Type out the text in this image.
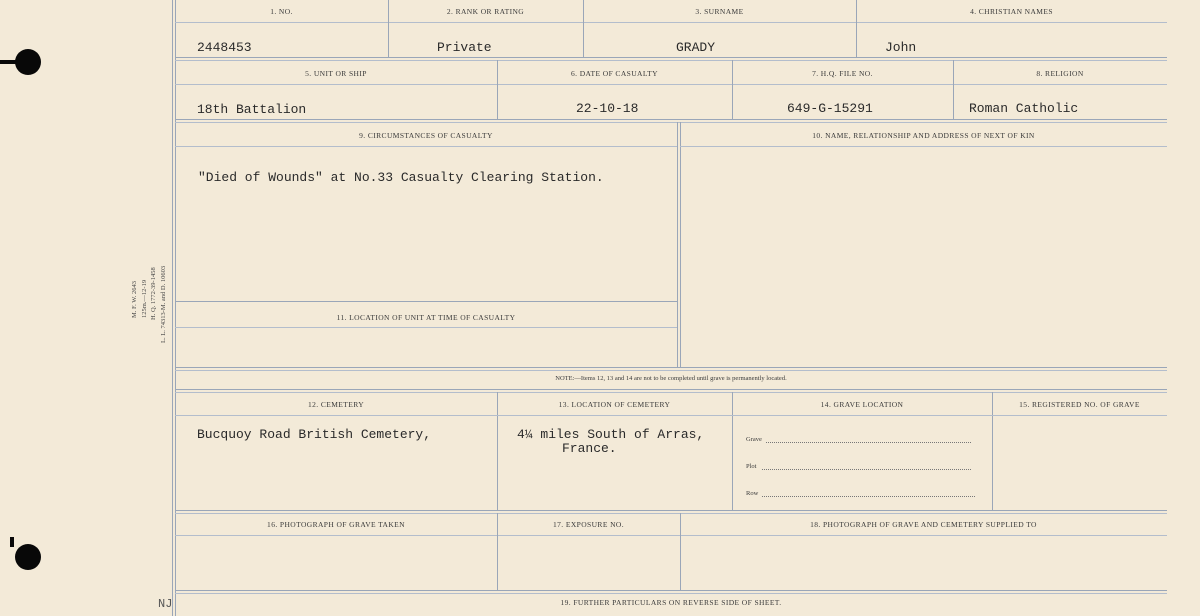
M. F. W. 2643 125m.—12-19 H. Q. 1772-39-1458 L. L. 74313-M. and D. 10603
NJ
1. NO.	2. RANK OR RATING	3. SURNAME	4. CHRISTIAN NAMES
2448453	Private	GRADY	John
5. UNIT OR SHIP	6. DATE OF CASUALTY	7. H.Q. FILE NO.	8. RELIGION
18th Battalion	22-10-18	649-G-15291	Roman Catholic
9. CIRCUMSTANCES OF CASUALTY	10. NAME, RELATIONSHIP AND ADDRESS OF NEXT OF KIN
"Died of Wounds" at No.33 Casualty Clearing Station.
11. LOCATION OF UNIT AT TIME OF CASUALTY
NOTE:—Items 12, 13 and 14 are not to be completed until grave is permanently located.
12. CEMETERY	13. LOCATION OF CEMETERY	14. GRAVE LOCATION	15. REGISTERED NO. OF GRAVE
Bucquoy Road British Cemetery,	4¼ miles South of Arras,
France.
Grave
Plot
Row
16. PHOTOGRAPH OF GRAVE TAKEN	17. EXPOSURE NO.	18. PHOTOGRAPH OF GRAVE AND CEMETERY SUPPLIED TO
19. FURTHER PARTICULARS ON REVERSE SIDE OF SHEET.
